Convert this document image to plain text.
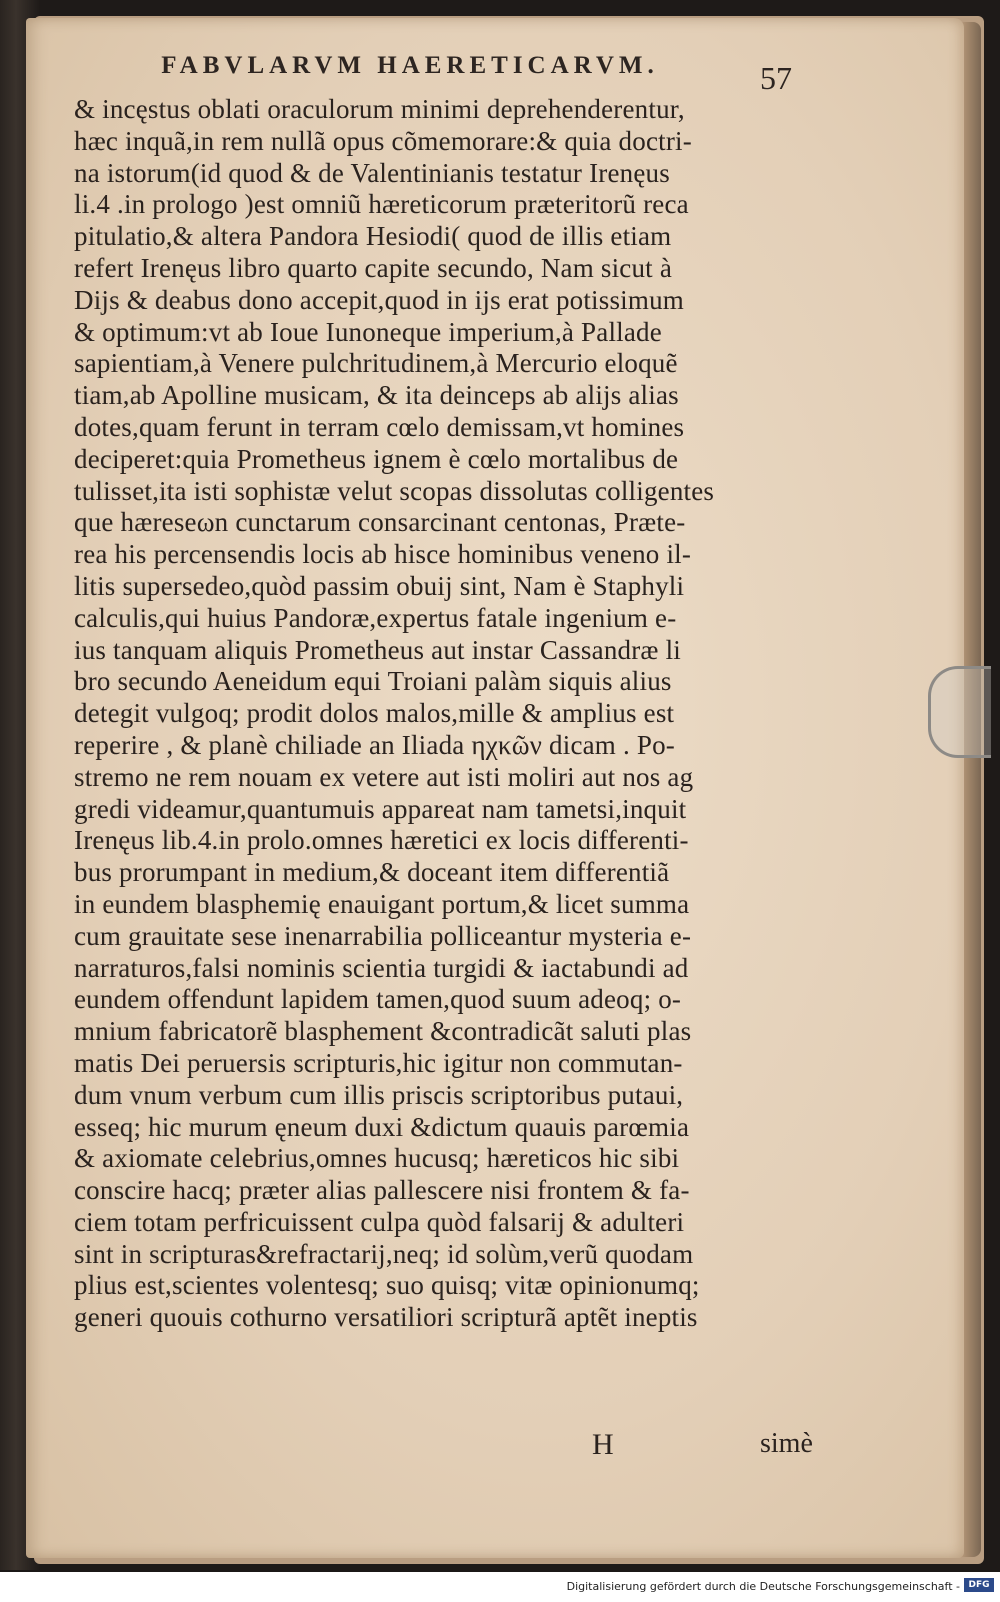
FABVLARVM HAERETICARVM.	57
& incęstus oblati oraculorum minimi deprehenderentur,
hæc inquã,in rem nullã opus cõmemorare:& quia doctri-
na istorum(id quod & de Valentinianis testatur Irenęus
li.4 .in prologo )est omniũ hæreticorum præteritorũ reca
pitulatio,& altera Pandora Hesiodi( quod de illis etiam
refert Irenęus libro quarto capite secundo, Nam sicut à
Dijs & deabus dono accepit,quod in ijs erat potissimum
& optimum:vt ab Ioue Iunoneque imperium,à Pallade
sapientiam,à Venere pulchritudinem,à Mercurio eloquẽ
tiam,ab Apolline musicam, & ita deinceps ab alijs alias
dotes,quam ferunt in terram cœlo demissam,vt homines
deciperet:quia Prometheus ignem è cœlo mortalibus de
tulisset,ita isti sophistæ velut scopas dissolutas colligentes
que hæreseωn cunctarum consarcinant centonas, Præte-
rea his percensendis locis ab hisce hominibus veneno il-
litis supersedeo,quòd passim obuij sint, Nam è Staphyli
calculis,qui huius Pandoræ,expertus fatale ingenium e-
ius tanquam aliquis Prometheus aut instar Cassandræ li
bro secundo Aeneidum equi Troiani palàm siquis alius
detegit vulgoq; prodit dolos malos,mille & amplius est
reperire , & planè chiliade an Iliada ηχκῶν dicam . Po-
stremo ne rem nouam ex vetere aut isti moliri aut nos ag
gredi videamur,quantumuis appareat nam tametsi,inquit
Irenęus lib.4.in prolo.omnes hæretici ex locis differenti-
bus prorumpant in medium,& doceant item differentiã
in eundem blasphemię enauigant portum,& licet summa
cum grauitate sese inenarrabilia polliceantur mysteria e-
narraturos,falsi nominis scientia turgidi & iactabundi ad
eundem offendunt lapidem tamen,quod suum adeoq; o-
mnium fabricatorẽ blasphement &contradicãt saluti plas
matis Dei peruersis scripturis,hic igitur non commutan-
dum vnum verbum cum illis priscis scriptoribus putaui,
esseq; hic murum ęneum duxi &dictum quauis parœmia
& axiomate celebrius,omnes hucusq; hæreticos hic sibi
conscire hacq; præter alias pallescere nisi frontem & fa-
ciem totam perfricuissent culpa quòd falsarij & adulteri
sint in scripturas&refractarij,neq; id solùm,verũ quodam
plius est,scientes volentesq; suo quisq; vitæ opinionumq;
generi quouis cothurno versatiliori scripturã aptẽt ineptis
H	simè
Digitalisierung gefördert durch die Deutsche Forschungsgemeinschaft - DFG
